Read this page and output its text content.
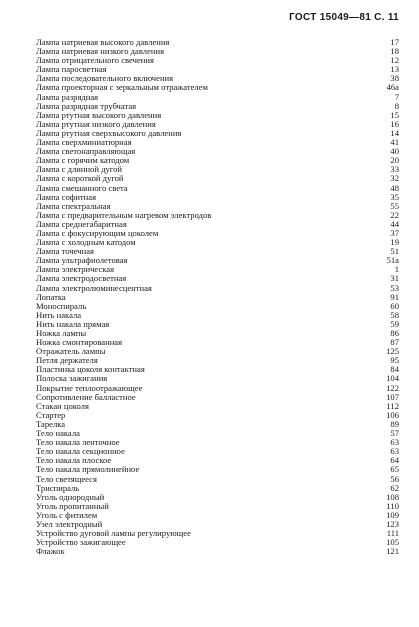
ГОСТ 15049—81 С. 11
Лампа натриевая высокого давления	17
Лампа натриевая низкого давления	18
Лампа отрицательного свечения	12
Лампа паросветная	13
Лампа последовательного включения	38
Лампа проекторная с зеркальным отражателем	46а
Лампа разрядная	7
Лампа разрядная трубчатая	8
Лампа ртутная высокого давления	15
Лампа ртутная низкого давления	16
Лампа ртутная сверхвысокого давления	14
Лампа сверхминиатюрная	41
Лампа светонаправляющая	40
Лампа с горячим катодом	20
Лампа с длинной дугой	33
Лампа с короткой дугой	32
Лампа смешанного света	48
Лампа софитная	35
Лампа спектральная	55
Лампа с предварительным нагревом электродов	22
Лампа среднегабаритная	44
Лампа с фокусирующим цоколем	37
Лампа с холодным катодом	19
Лампа точечная	51
Лампа ультрафиолетовая	51а
Лампа электрическая	1
Лампа электродосветная	31
Лампа электролюминесцентная	53
Лопатка	91
Моноспираль	60
Нить накала	58
Нить накала прямая	59
Ножка лампы	86
Ножка смонтированная	87
Отражатель лампы	125
Петля держателя	95
Пластинка цоколя контактная	84
Полоска зажигания	104
Покрытие теплоотражающее	122
Сопротивление балластное	107
Стакан цоколя	112
Стартер	106
Тарелка	89
Тело накала	57
Тело накала ленточное	63
Тело накала секционное	63
Тело накала плоское	64
Тело накала прямолинейное	65
Тело светящееся	56
Триспираль	62
Уголь однородный	108
Уголь пропитанный	110
Уголь с фитилем	109
Узел электродный	123
Устройство дуговой лампы регулирующее	111
Устройство зажигающее	105
Флажок	121
